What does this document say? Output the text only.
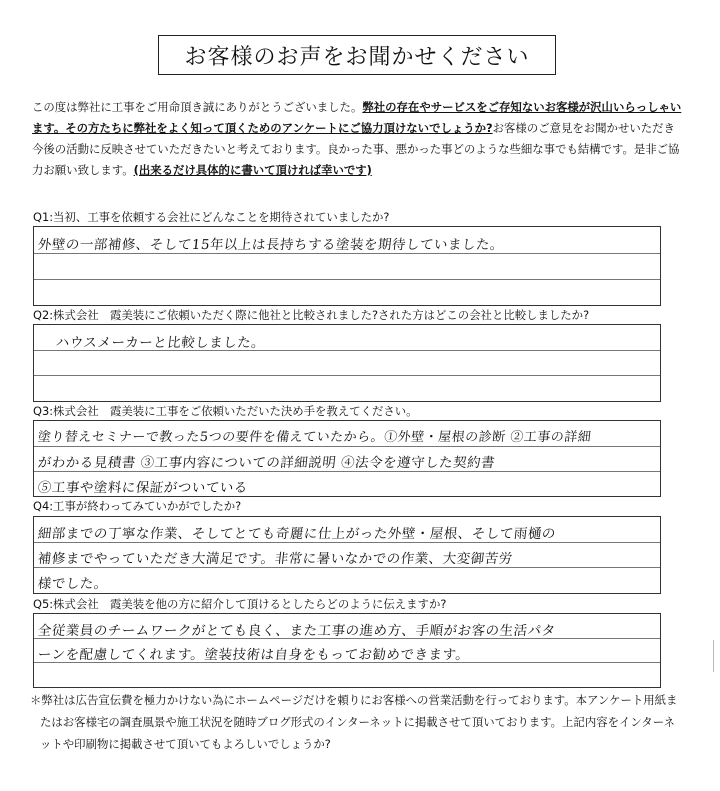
お客様のお声をお聞かせください
この度は弊社に工事をご用命頂き誠にありがとうございました。弊社の存在やサービスをご存知ないお客様が沢山いらっしゃいます。その方たちに弊社をよく知って頂くためのアンケートにご協力頂けないでしょうか?お客様のご意見をお聞かせいただき今後の活動に反映させていただきたいと考えております。良かった事、悪かった事どのような些細な事でも結構です。是非ご協力お願い致します。(出来るだけ具体的に書いて頂ければ幸いです)
Q1:当初、工事を依頼する会社にどんなことを期待されていましたか?
外壁の一部補修、そして15年以上は長持ちする塗装を期待していました。
Q2:株式会社　霞美装にご依頼いただく際に他社と比較されました?された方はどこの会社と比較しましたか?
ハウスメーカーと比較しました。
Q3:株式会社　霞美装に工事をご依頼いただいた決め手を教えてください。
塗り替えセミナーで教った5つの要件を備えていたから。①外壁・屋根の診断 ②工事の詳細
がわかる見積書 ③工事内容についての詳細説明 ④法令を遵守した契約書
⑤工事や塗料に保証がついている
Q4:工事が終わってみていかがでしたか?
細部までの丁寧な作業、そしてとても奇麗に仕上がった外壁・屋根、そして雨樋の
補修までやっていただき大満足です。非常に暑いなかでの作業、大変御苦労
様でした。
Q5:株式会社　霞美装を他の方に紹介して頂けるとしたらどのように伝えますか?
全従業員のチームワークがとても良く、また工事の進め方、手順がお客の生活パタ
ーンを配慮してくれます。塗装技術は自身をもってお勧めできます。
＊弊社は広告宣伝費を極力かけない為にホームページだけを頼りにお客様への営業活動を行っております。本アンケート用紙またはお客様宅の調査風景や施工状況を随時ブログ形式のインターネットに掲載させて頂いております。上記内容をインターネットや印刷物に掲載させて頂いてもよろしいでしょうか?
